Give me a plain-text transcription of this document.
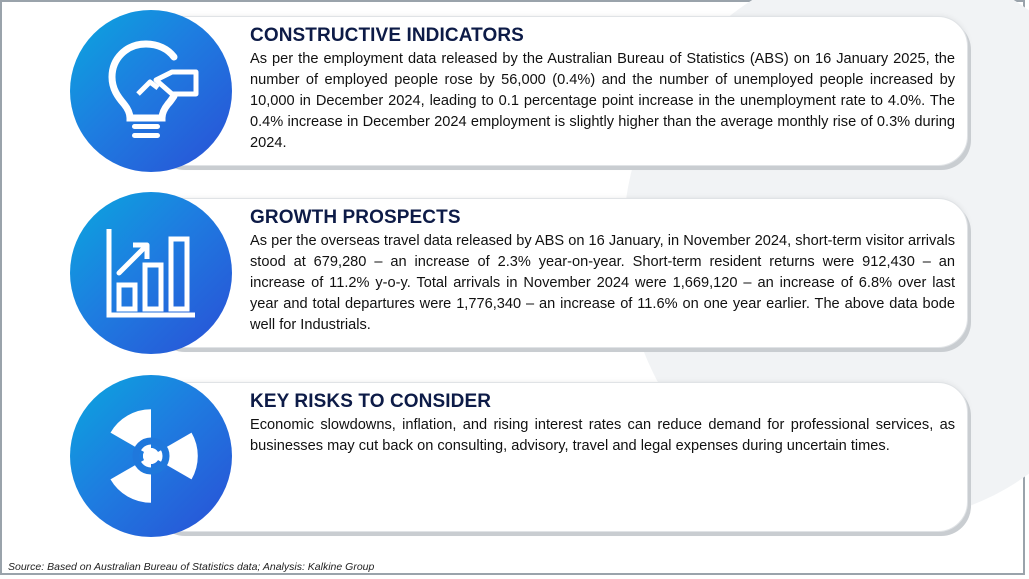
CONSTRUCTIVE INDICATORS

As per the employment data released by the Australian Bureau of Statistics (ABS) on 16 January 2025, the number of employed people rose by 56,000 (0.4%) and the number of unemployed people increased by 10,000 in December 2024, leading to 0.1 percentage point increase in the unemployment rate to 4.0%. The 0.4% increase in December 2024 employment is slightly higher than the average monthly rise of 0.3% during 2024.

GROWTH PROSPECTS

As per the overseas travel data released by ABS on 16 January, in November 2024, short-term visitor arrivals stood at 679,280 – an increase of 2.3% year-on-year. Short-term resident returns were 912,430 – an increase of 11.2% y-o-y. Total arrivals in November 2024 were 1,669,120 – an increase of 6.8% over last year and total departures were 1,776,340 – an increase of 11.6% on one year earlier. The above data bode well for Industrials.

KEY RISKS TO CONSIDER

Economic slowdowns, inflation, and rising interest rates can reduce demand for professional services, as businesses may cut back on consulting, advisory, travel and legal expenses during uncertain times.

Source: Based on Australian Bureau of Statistics data; Analysis: Kalkine Group
